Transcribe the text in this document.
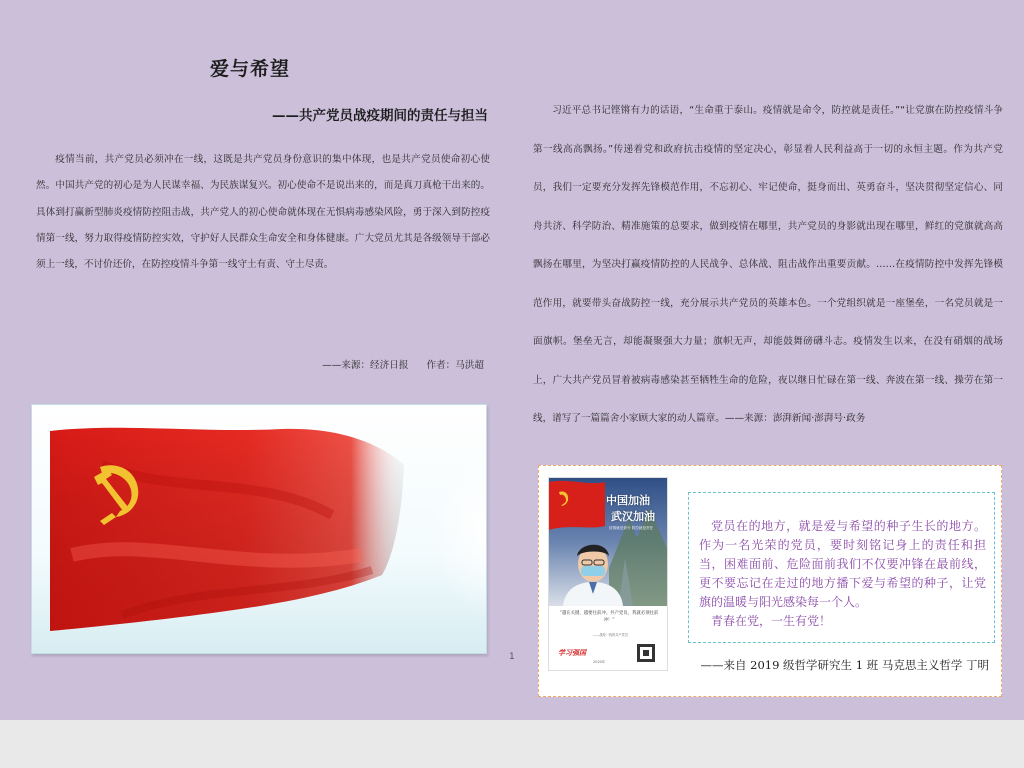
爱与希望
——共产党员战疫期间的责任与担当
疫情当前，共产党员必须冲在一线，这既是共产党员身份意识的集中体现，也是共产党员使命初心使然。中国共产党的初心是为人民谋幸福、为民族谋复兴。初心使命不是说出来的，而是真刀真枪干出来的。具体到打赢新型肺炎疫情防控阻击战，共产党人的初心使命就体现在无惧病毒感染风险，勇于深入到防控疫情第一线，努力取得疫情防控实效，守护好人民群众生命安全和身体健康。广大党员尤其是各级领导干部必须上一线，不讨价还价，在防控疫情斗争第一线守土有责、守土尽责。
——来源：经济日报 作者：马洪超
1
习近平总书记铿锵有力的话语，“生命重于泰山。疫情就是命令，防控就是责任。”“让党旗在防控疫情斗争第一线高高飘扬。”传递着党和政府抗击疫情的坚定决心，彰显着人民利益高于一切的永恒主题。作为共产党员，我们一定要充分发挥先锋模范作用，不忘初心、牢记使命，挺身而出、英勇奋斗，坚决贯彻坚定信心、同舟共济、科学防治、精准施策的总要求，做到疫情在哪里，共产党员的身影就出现在哪里，鲜红的党旗就高高飘扬在哪里，为坚决打赢疫情防控的人民战争、总体战、阻击战作出重要贡献。……在疫情防控中发挥先锋模范作用，就要带头奋战防控一线，充分展示共产党员的英雄本色。一个党组织就是一座堡垒，一名党员就是一面旗帜。堡垒无言，却能凝聚强大力量；旗帜无声，却能鼓舞磅礴斗志。疫情发生以来，在没有硝烟的战场上，广大共产党员冒着被病毒感染甚至牺牲生命的危险，夜以继日忙碌在第一线、奔波在第一线、操劳在第一线，谱写了一篇篇舍小家顾大家的动人篇章。——来源：澎湃新闻·澎湃号·政务
中国加油
武汉加油
疫情就是命令 防控就是责任
“越在关键，越要往前冲。共产党员，我就必须往前冲！”
——战疫一线的共产党员
学习强国
2020年

党员在的地方，就是爱与希望的种子生长的地方。作为一名光荣的党员，要时刻铭记身上的责任和担当，困难面前、危险面前我们不仅要冲锋在最前线，更不要忘记在走过的地方播下爱与希望的种子，让党旗的温暖与阳光感染每一个人。

青春在党，一生有党！

——来自 2019 级哲学研究生 1 班 马克思主义哲学 丁明
